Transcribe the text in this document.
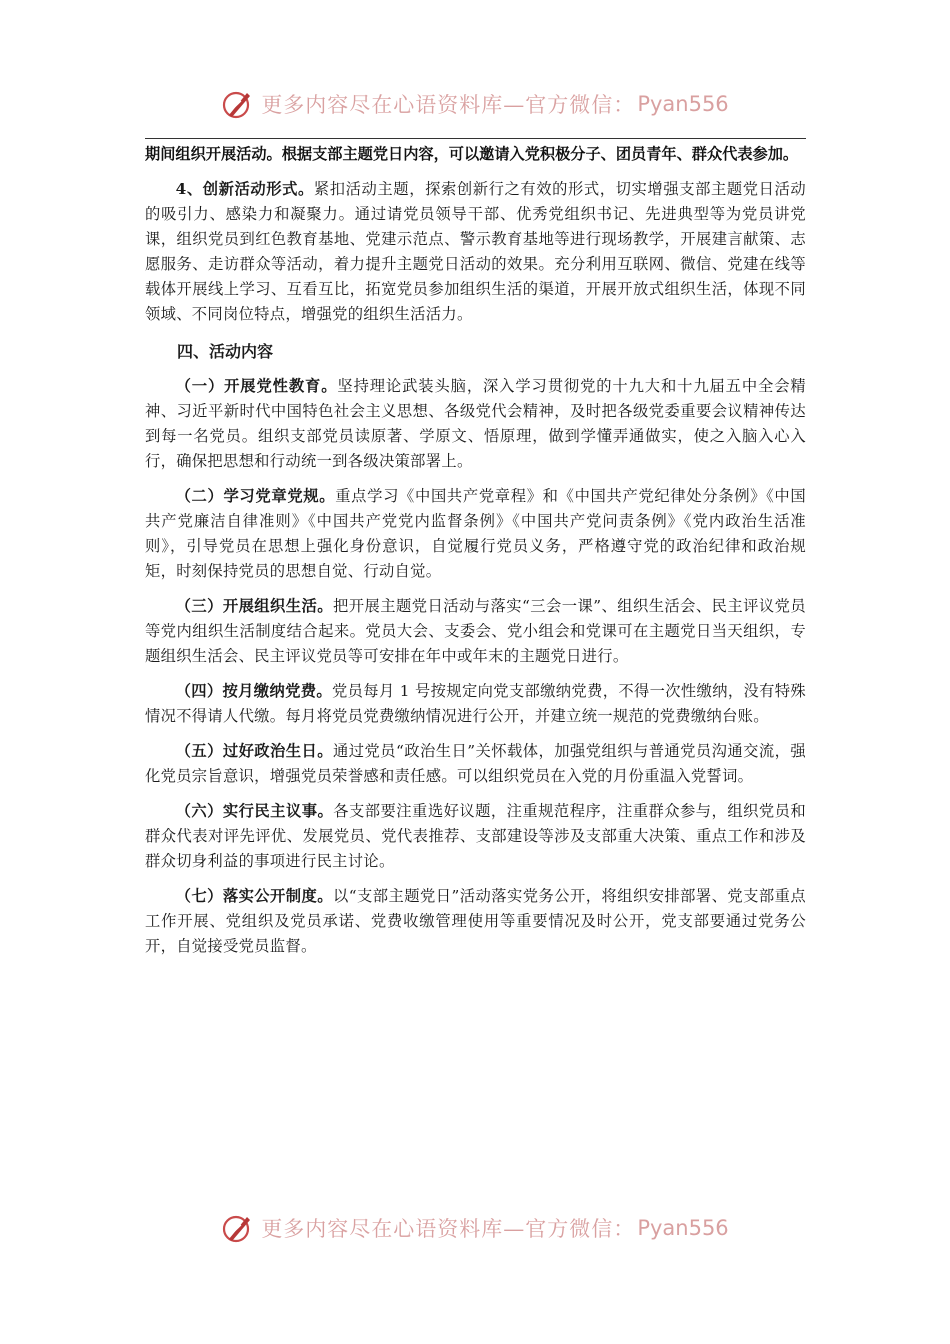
更多内容尽在心语资料库—官方微信： Pyan556

期间组织开展活动。根据支部主题党日内容，可以邀请入党积极分子、团员青年、群众代表参加。

4、创新活动形式。紧扣活动主题，探索创新行之有效的形式，切实增强支部主题党日活动的吸引力、感染力和凝聚力。通过请党员领导干部、优秀党组织书记、先进典型等为党员讲党课，组织党员到红色教育基地、党建示范点、警示教育基地等进行现场教学，开展建言献策、志愿服务、走访群众等活动，着力提升主题党日活动的效果。充分利用互联网、微信、党建在线等载体开展线上学习、互看互比，拓宽党员参加组织生活的渠道，开展开放式组织生活，体现不同领域、不同岗位特点，增强党的组织生活活力。

四、活动内容

（一）开展党性教育。坚持理论武装头脑，深入学习贯彻党的十九大和十九届五中全会精神、习近平新时代中国特色社会主义思想、各级党代会精神，及时把各级党委重要会议精神传达到每一名党员。组织支部党员读原著、学原文、悟原理，做到学懂弄通做实，使之入脑入心入行，确保把思想和行动统一到各级决策部署上。

（二）学习党章党规。重点学习《中国共产党章程》和《中国共产党纪律处分条例》《中国共产党廉洁自律准则》《中国共产党党内监督条例》《中国共产党问责条例》《党内政治生活准则》，引导党员在思想上强化身份意识，自觉履行党员义务，严格遵守党的政治纪律和政治规矩，时刻保持党员的思想自觉、行动自觉。

（三）开展组织生活。把开展主题党日活动与落实“三会一课”、组织生活会、民主评议党员等党内组织生活制度结合起来。党员大会、支委会、党小组会和党课可在主题党日当天组织，专题组织生活会、民主评议党员等可安排在年中或年末的主题党日进行。

（四）按月缴纳党费。党员每月 1 号按规定向党支部缴纳党费，不得一次性缴纳，没有特殊情况不得请人代缴。每月将党员党费缴纳情况进行公开，并建立统一规范的党费缴纳台账。

（五）过好政治生日。通过党员“政治生日”关怀载体，加强党组织与普通党员沟通交流，强化党员宗旨意识，增强党员荣誉感和责任感。可以组织党员在入党的月份重温入党誓词。

（六）实行民主议事。各支部要注重选好议题，注重规范程序，注重群众参与，组织党员和群众代表对评先评优、发展党员、党代表推荐、支部建设等涉及支部重大决策、重点工作和涉及群众切身利益的事项进行民主讨论。

（七）落实公开制度。以“支部主题党日”活动落实党务公开，将组织安排部署、党支部重点工作开展、党组织及党员承诺、党费收缴管理使用等重要情况及时公开，党支部要通过党务公开，自觉接受党员监督。

更多内容尽在心语资料库—官方微信： Pyan556
